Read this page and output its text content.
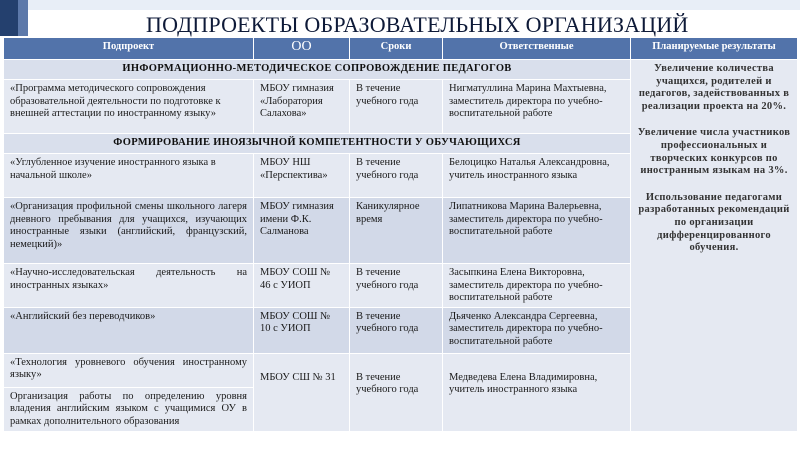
ПОДПРОЕКТЫ ОБРАЗОВАТЕЛЬНЫХ ОРГАНИЗАЦИЙ
Подпроект	ОО	Сроки	Ответственные	Планируемые результаты
ИНФОРМАЦИОННО-МЕТОДИЧЕСКОЕ СОПРОВОЖДЕНИЕ ПЕДАГОГОВ				Увеличение количества учащихся, родителей и педагогов, задействованных в реализации проекта на 20%.

Увеличение числа участников профессиональных и творческих конкурсов по иностранным языкам на 3%.

Использование педагогами разработанных рекомендаций по организации дифференцированного обучения.

«Программа методического сопровождения образовательной деятельности по подготовке к внешней аттестации по иностранному языку»	МБОУ гимназия «Лаборатория Салахова»	В течение учебного года	Нигматуллина Марина Махтыевна, заместитель директора по учебно-воспитательной работе	
ФОРМИРОВАНИЕ ИНОЯЗЫЧНОЙ КОМПЕТЕНТНОСТИ У ОБУЧАЮЩИХСЯ				
«Углубленное изучение иностранного языка в начальной школе»	МБОУ НШ «Перспектива»	В течение учебного года	Белоцицко Наталья Александровна, учитель иностранного языка	
«Организация профильной смены школьного лагеря дневного пребывания для учащихся, изучающих иностранные языки (английский, французский, немецкий)»	МБОУ гимназия имени Ф.К. Салманова	Каникулярное время	Липатникова Марина Валерьевна, заместитель директора по учебно-воспитательной работе	
«Научно-исследовательская деятельность на иностранных языках»	МБОУ СОШ № 46 с УИОП	В течение учебного года	Засыпкина Елена Викторовна, заместитель директора по учебно-воспитательной работе	
«Английский без переводчиков»	МБОУ СОШ № 10 с УИОП	В течение учебного года	Дьяченко Александра Сергеевна, заместитель директора по учебно-воспитательной работе	
«Технология уровневого обучения иностранному языку»	МБОУ СШ № 31	В течение учебного года	Медведева Елена Владимировна, учитель иностранного языка	
Организация работы по определению уровня владения английским языком с учащимися ОУ в рамках дополнительного образования				
